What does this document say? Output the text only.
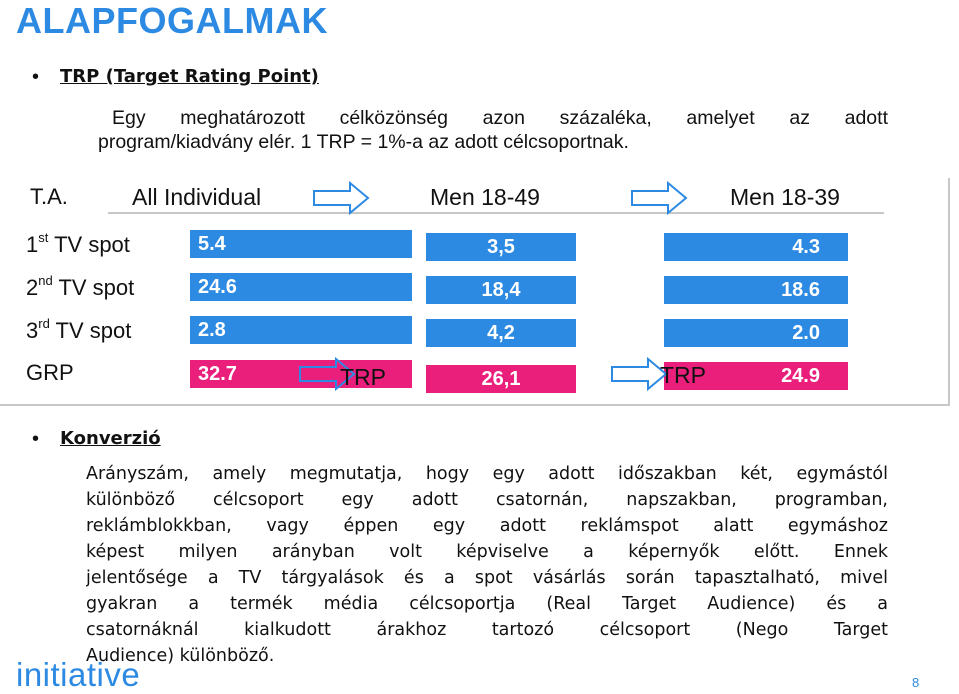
ALAPFOGALMAK
• TRP (Target Rating Point)
Egy meghatározott célközönség azon százaléka, amelyet az adott
program/kiadvány elér. 1 TRP = 1%-a az adott célcsoportnak.
T.A.	All Individual	Men 18-49	Men 18-39
1st TV spot	5.4	3,5	4.3
2nd TV spot	24.6	18,4	18.6
3rd TV spot	2.8	4,2	2.0
GRP	32.7	26,1	24.9
TRP	TRP
• Konverzió
Arányszám, amely megmutatja, hogy egy adott időszakban két, egymástól
különböző célcsoport egy adott csatornán, napszakban, programban,
reklámblokkban, vagy éppen egy adott reklámspot alatt egymáshoz
képest milyen arányban volt képviselve a képernyők előtt. Ennek
jelentősége a TV tárgyalások és a spot vásárlás során tapasztalható, mivel
gyakran a termék média célcsoportja (Real Target Audience) és a
csatornáknál kialkudott árakhoz tartozó célcsoport (Nego Target
Audience) különböző.
initiative	8
